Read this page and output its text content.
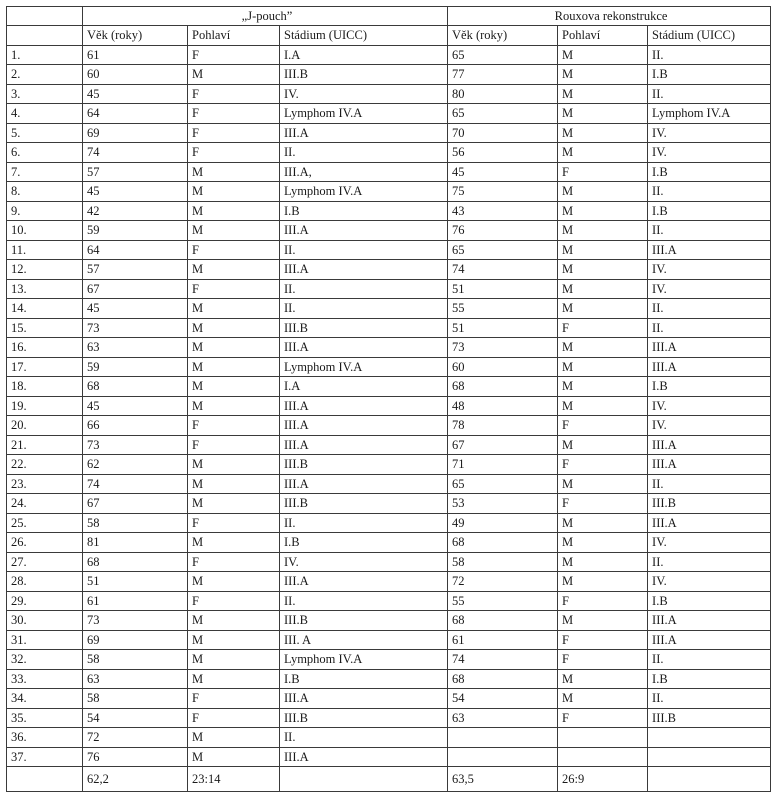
	„J-pouch”			Rouxova rekonstrukce		
	Věk (roky)	Pohlaví	Stádium (UICC)	Věk (roky)	Pohlaví	Stádium (UICC)
1.	61	F	I.A	65	M	II.
2.	60	M	III.B	77	M	I.B
3.	45	F	IV.	80	M	II.
4.	64	F	Lymphom IV.A	65	M	Lymphom IV.A
5.	69	F	III.A	70	M	IV.
6.	74	F	II.	56	M	IV.
7.	57	M	III.A,	45	F	I.B
8.	45	M	Lymphom IV.A	75	M	II.
9.	42	M	I.B	43	M	I.B
10.	59	M	III.A	76	M	II.
11.	64	F	II.	65	M	III.A
12.	57	M	III.A	74	M	IV.
13.	67	F	II.	51	M	IV.
14.	45	M	II.	55	M	II.
15.	73	M	III.B	51	F	II.
16.	63	M	III.A	73	M	III.A
17.	59	M	Lymphom IV.A	60	M	III.A
18.	68	M	I.A	68	M	I.B
19.	45	M	III.A	48	M	IV.
20.	66	F	III.A	78	F	IV.
21.	73	F	III.A	67	M	III.A
22.	62	M	III.B	71	F	III.A
23.	74	M	III.A	65	M	II.
24.	67	M	III.B	53	F	III.B
25.	58	F	II.	49	M	III.A
26.	81	M	I.B	68	M	IV.
27.	68	F	IV.	58	M	II.
28.	51	M	III.A	72	M	IV.
29.	61	F	II.	55	F	I.B
30.	73	M	III.B	68	M	III.A
31.	69	M	III. A	61	F	III.A
32.	58	M	Lymphom IV.A	74	F	II.
33.	63	M	I.B	68	M	I.B
34.	58	F	III.A	54	M	II.
35.	54	F	III.B	63	F	III.B
36.	72	M	II.			
37.	76	M	III.A			
	62,2	23:14		63,5	26:9	
